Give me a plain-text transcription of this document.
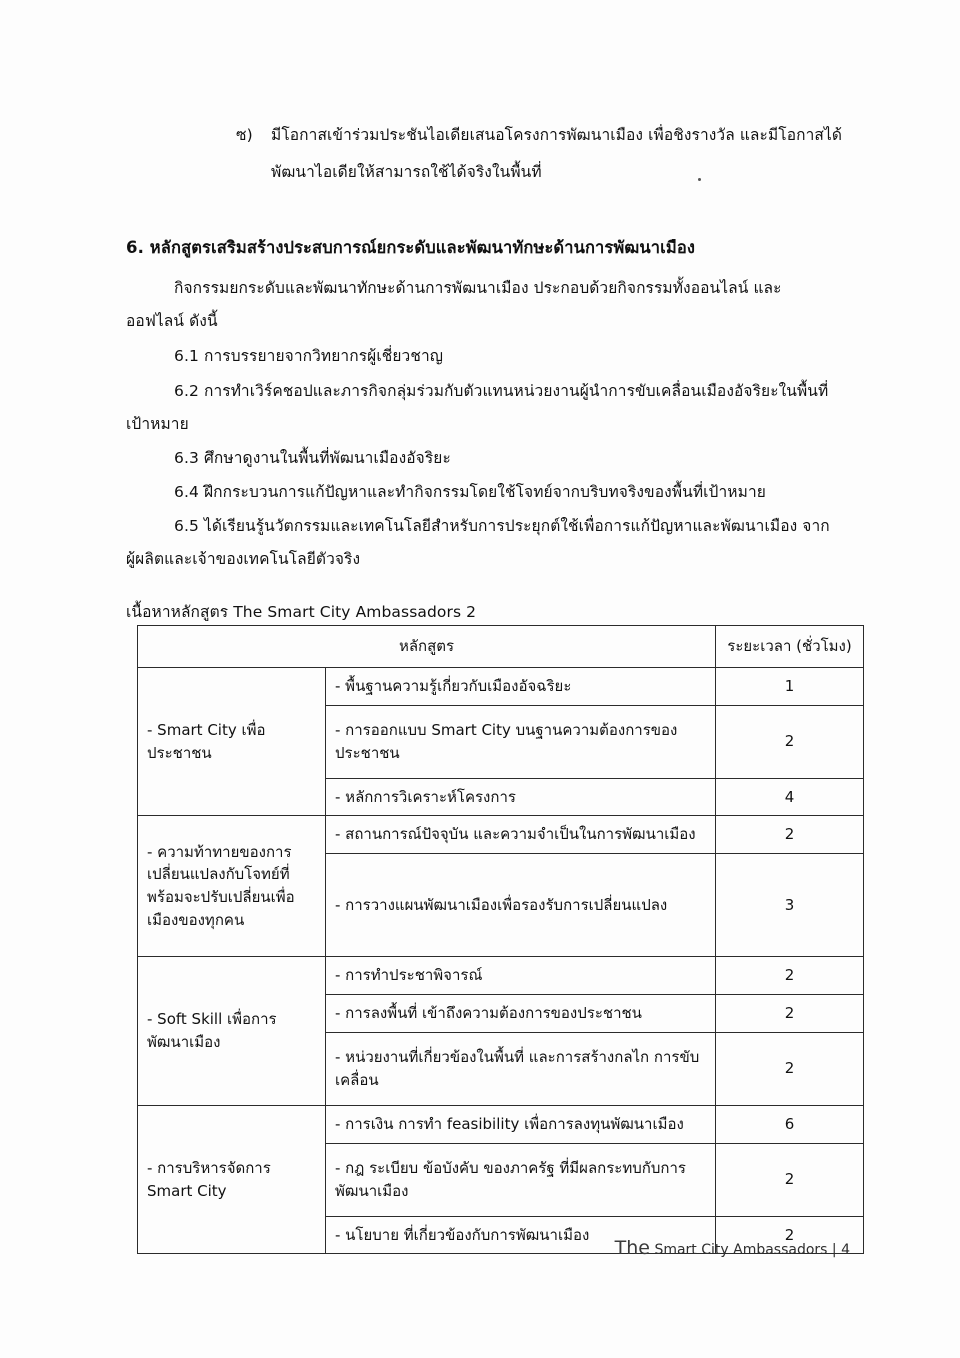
ซ)	มีโอกาสเข้าร่วมประชันไอเดียเสนอโครงการพัฒนาเมือง เพื่อชิงรางวัล และมีโอกาสได้
พัฒนาไอเดียให้สามารถใช้ได้จริงในพื้นที่
6. หลักสูตรเสริมสร้างประสบการณ์ยกระดับและพัฒนาทักษะด้านการพัฒนาเมือง
กิจกรรมยกระดับและพัฒนาทักษะด้านการพัฒนาเมือง ประกอบด้วยกิจกรรมทั้งออนไลน์ และ
ออฟไลน์ ดังนี้
6.1 การบรรยายจากวิทยากรผู้เชี่ยวชาญ
6.2 การทำเวิร์คชอปและภารกิจกลุ่มร่วมกับตัวแทนหน่วยงานผู้นำการขับเคลื่อนเมืองอัจริยะในพื้นที่
เป้าหมาย
6.3 ศึกษาดูงานในพื้นที่พัฒนาเมืองอัจริยะ
6.4 ฝึกกระบวนการแก้ปัญหาและทำกิจกรรมโดยใช้โจทย์จากบริบทจริงของพื้นที่เป้าหมาย
6.5 ได้เรียนรู้นวัตกรรมและเทคโนโลยีสำหรับการประยุกต์ใช้เพื่อการแก้ปัญหาและพัฒนาเมือง จาก
ผู้ผลิตและเจ้าของเทคโนโลยีตัวจริง
เนื้อหาหลักสูตร The Smart City Ambassadors 2
หลักสูตร		ระยะเวลา (ชั่วโมง)
- Smart City เพื่อประชาชน	- พื้นฐานความรู้เกี่ยวกับเมืองอัจฉริยะ	1
	- การออกแบบ Smart City บนฐานความต้องการของประชาชน	2
	- หลักการวิเคราะห์โครงการ	4
- ความท้าทายของการเปลี่ยนแปลงกับโจทย์ที่พร้อมจะปรับเปลี่ยนเพื่อเมืองของทุกคน	- สถานการณ์ปัจจุบัน และความจำเป็นในการพัฒนาเมือง	2
	- การวางแผนพัฒนาเมืองเพื่อรองรับการเปลี่ยนแปลง	3
- Soft Skill เพื่อการพัฒนาเมือง	- การทำประชาพิจารณ์	2
	- การลงพื้นที่ เข้าถึงความต้องการของประชาชน	2
	- หน่วยงานที่เกี่ยวข้องในพื้นที่ และการสร้างกลไก การขับเคลื่อน	2
- การบริหารจัดการ Smart City	- การเงิน การทำ feasibility เพื่อการลงทุนพัฒนาเมือง	6
	- กฎ ระเบียบ ข้อบังคับ ของภาครัฐ ที่มีผลกระทบกับการพัฒนาเมือง	2
	- นโยบาย ที่เกี่ยวข้องกับการพัฒนาเมือง	2
The Smart City Ambassadors | 4
